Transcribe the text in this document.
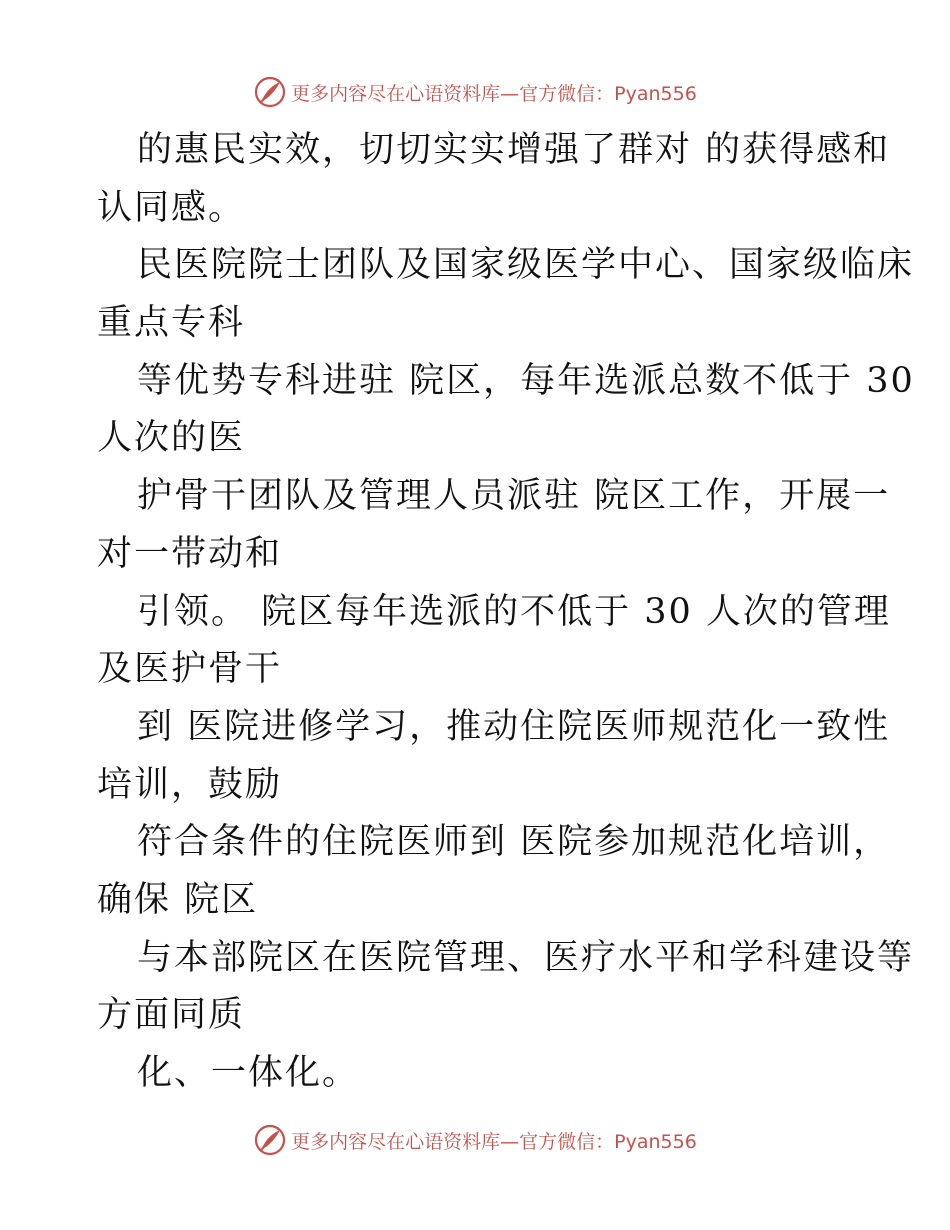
更多内容尽在心语资料库—官方微信：Pyan556
的惠民实效，切切实实增强了群对 的获得感和
认同感。
民医院院士团队及国家级医学中心、国家级临床
重点专科
等优势专科进驻 院区，每年选派总数不低于 30
人次的医
护骨干团队及管理人员派驻 院区工作，开展一
对一带动和
引领。 院区每年选派的不低于 30 人次的管理
及医护骨干
到 医院进修学习，推动住院医师规范化一致性
培训，鼓励
符合条件的住院医师到 医院参加规范化培训，
确保 院区
与本部院区在医院管理、医疗水平和学科建设等
方面同质
化、一体化。
更多内容尽在心语资料库—官方微信：Pyan556
